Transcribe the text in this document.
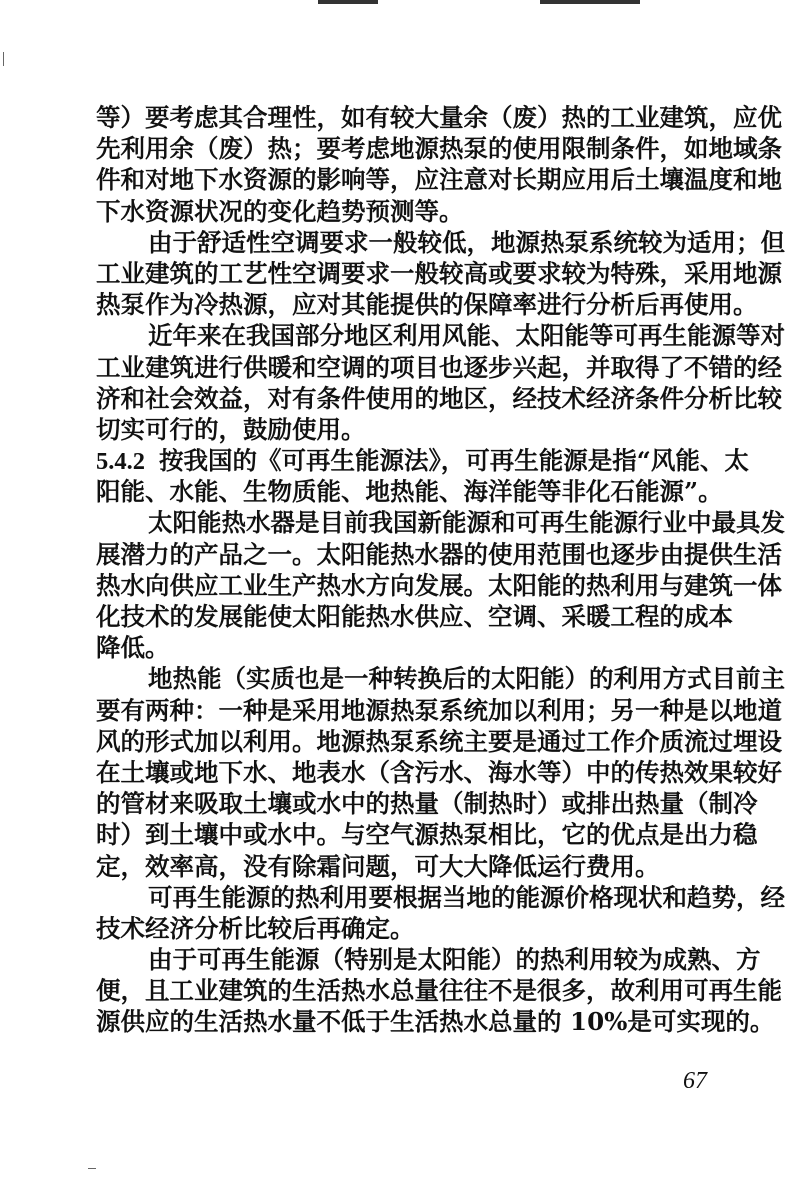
等）要考虑其合理性，如有较大量余（废）热的工业建筑，应优
先利用余（废）热；要考虑地源热泵的使用限制条件，如地域条
件和对地下水资源的影响等，应注意对长期应用后土壤温度和地
下水资源状况的变化趋势预测等。
由于舒适性空调要求一般较低，地源热泵系统较为适用；但
工业建筑的工艺性空调要求一般较高或要求较为特殊，采用地源
热泵作为冷热源，应对其能提供的保障率进行分析后再使用。
近年来在我国部分地区利用风能、太阳能等可再生能源等对
工业建筑进行供暖和空调的项目也逐步兴起，并取得了不错的经
济和社会效益，对有条件使用的地区，经技术经济条件分析比较
切实可行的，鼓励使用。
5.4.2 按我国的《可再生能源法》，可再生能源是指“风能、太
阳能、水能、生物质能、地热能、海洋能等非化石能源”。
太阳能热水器是目前我国新能源和可再生能源行业中最具发
展潜力的产品之一。太阳能热水器的使用范围也逐步由提供生活
热水向供应工业生产热水方向发展。太阳能的热利用与建筑一体
化技术的发展能使太阳能热水供应、空调、采暖工程的成本
降低。
地热能（实质也是一种转换后的太阳能）的利用方式目前主
要有两种：一种是采用地源热泵系统加以利用；另一种是以地道
风的形式加以利用。地源热泵系统主要是通过工作介质流过埋设
在土壤或地下水、地表水（含污水、海水等）中的传热效果较好
的管材来吸取土壤或水中的热量（制热时）或排出热量（制冷
时）到土壤中或水中。与空气源热泵相比，它的优点是出力稳
定，效率高，没有除霜问题，可大大降低运行费用。
可再生能源的热利用要根据当地的能源价格现状和趋势，经
技术经济分析比较后再确定。
由于可再生能源（特别是太阳能）的热利用较为成熟、方
便，且工业建筑的生活热水总量往往不是很多，故利用可再生能
源供应的生活热水量不低于生活热水总量的 10%是可实现的。
67
